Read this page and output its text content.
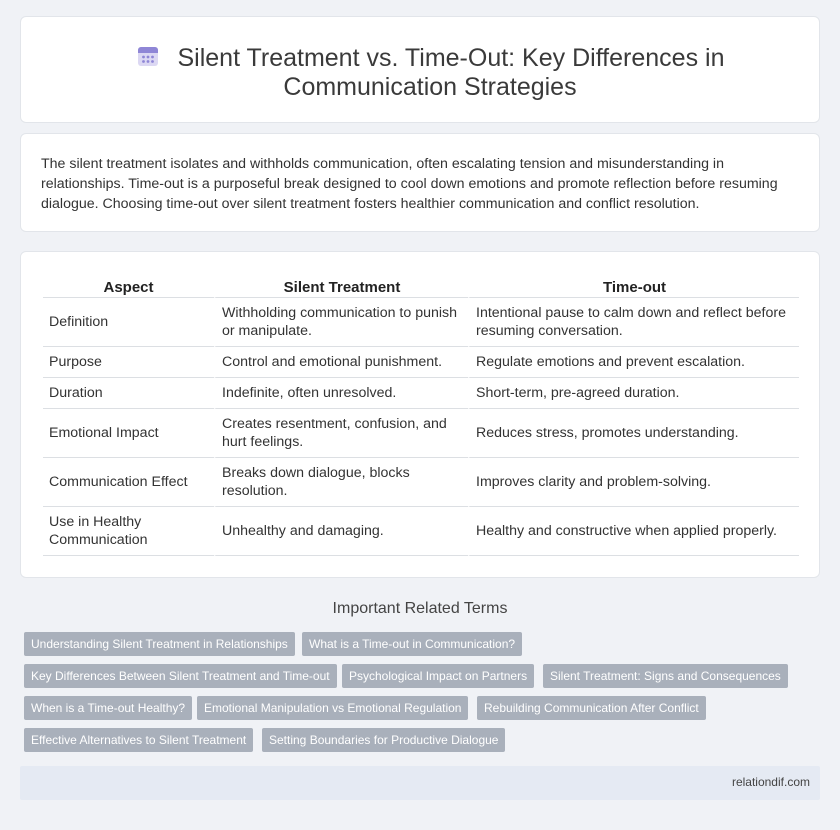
Silent Treatment vs. Time-Out: Key Differences in Communication Strategies

The silent treatment isolates and withholds communication, often escalating tension and misunderstanding in relationships. Time-out is a purposeful break designed to cool down emotions and promote reflection before resuming dialogue. Choosing time-out over silent treatment fosters healthier communication and conflict resolution.

Aspect	Silent Treatment	Time-out
Definition	Withholding communication to punish or manipulate.	Intentional pause to calm down and reflect before resuming conversation.
Purpose	Control and emotional punishment.	Regulate emotions and prevent escalation.
Duration	Indefinite, often unresolved.	Short-term, pre-agreed duration.
Emotional Impact	Creates resentment, confusion, and hurt feelings.	Reduces stress, promotes understanding.
Communication Effect	Breaks down dialogue, blocks resolution.	Improves clarity and problem-solving.
Use in Healthy Communication	Unhealthy and damaging.	Healthy and constructive when applied properly.
Important Related Terms
Understanding Silent Treatment in Relationships	What is a Time-out in Communication?
Key Differences Between Silent Treatment and Time-out	Psychological Impact on Partners	Silent Treatment: Signs and Consequences
When is a Time-out Healthy?	Emotional Manipulation vs Emotional Regulation	Rebuilding Communication After Conflict
Effective Alternatives to Silent Treatment	Setting Boundaries for Productive Dialogue
relationdif.com
